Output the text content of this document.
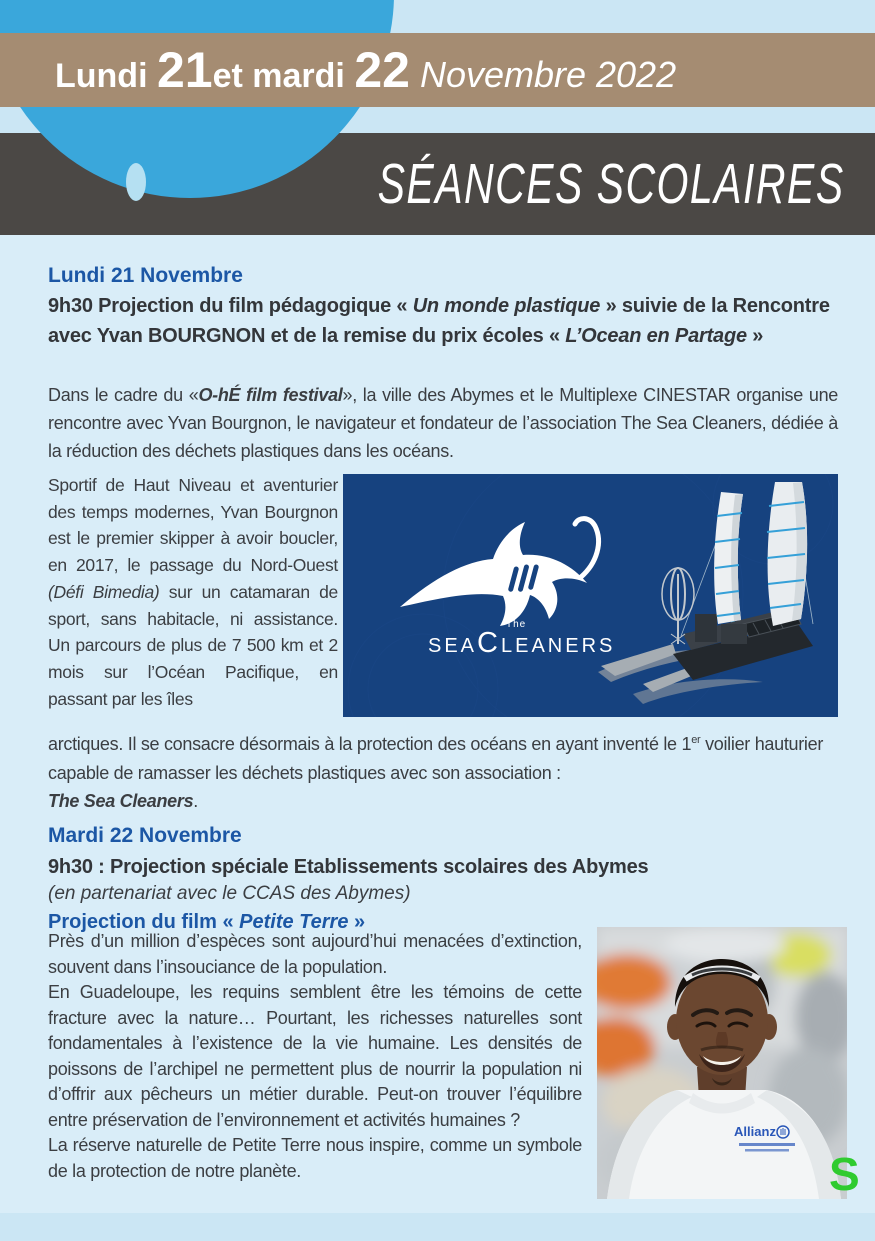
Lundi 21et mardi 22 Novembre 2022
SÉANCES SCOLAIRES
Lundi 21 Novembre
9h30 Projection du film pédagogique « Un monde plastique » suivie de la Rencontre avec Yvan BOURGNON et de la remise du prix écoles « L’Ocean en Partage »
Dans le cadre du «O-hÉ film festival», la ville des Abymes et le Multiplexe CINESTAR organise une rencontre avec Yvan Bourgnon, le navigateur et fondateur de l’association The Sea Cleaners, dédiée à la réduction des déchets plastiques dans les océans.
Sportif de Haut Niveau et aventurier des temps modernes, Yvan Bourgnon est le premier skipper à avoir boucler, en 2017, le passage du Nord-Ouest (Défi Bimedia) sur un catamaran de sport, sans habitacle, ni assistance. Un parcours de plus de 7 500 km et 2 mois sur l’Océan Pacifique, en passant par les îles
The
SEACLEANERS
arctiques. Il se consacre désormais à la protection des océans en ayant inventé le 1er voilier hauturier capable de ramasser les déchets plastiques avec son association :
The Sea Cleaners.
Mardi 22 Novembre
9h30 : Projection spéciale Etablissements scolaires des Abymes
(en partenariat avec le CCAS des Abymes)
Projection du film « Petite Terre »

Près d’un million d’espèces sont aujourd’hui menacées d’extinction, souvent dans l’insouciance de la population.

En Guadeloupe, les requins semblent être les témoins de cette fracture avec la nature… Pourtant, les richesses naturelles sont fondamentales à l’existence de la vie humaine. Les densités de poissons de l’archipel ne permettent plus de nourrir la population ni d’offrir aux pêcheurs un métier durable. Peut-on trouver l’équilibre entre préservation de l’environnement et activités humaines ?

La réserve naturelle de Petite Terre nous inspire, comme un symbole de la protection de notre planète.

Allianz
S
